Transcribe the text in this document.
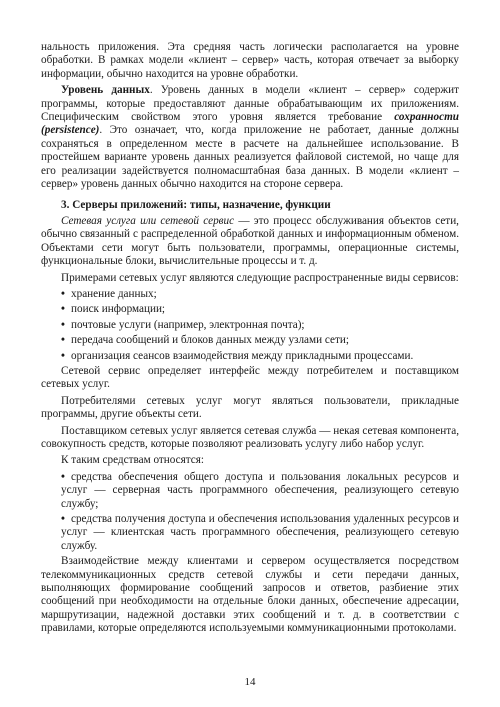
нальность приложения. Эта средняя часть логически располагается на уровне обработки. В рамках модели «клиент – сервер» часть, которая отвечает за выборку информации, обычно находится на уровне обработки.

Уровень данных. Уровень данных в модели «клиент – сервер» содержит программы, которые предоставляют данные обрабатывающим их приложениям. Специфическим свойством этого уровня является требование сохранности (persistence). Это означает, что, когда приложение не работает, данные должны сохраняться в определенном месте в расчете на дальнейшее использование. В простейшем варианте уровень данных реализуется файловой системой, но чаще для его реализации задействуется полномасштабная база данных. В модели «клиент – сервер» уровень данных обычно находится на стороне сервера.

3. Серверы приложений: типы, назначение, функции

Сетевая услуга или сетевой сервис — это процесс обслуживания объектов сети, обычно связанный с распределенной обработкой данных и информационным обменом. Объектами сети могут быть пользователи, программы, операционные системы, функциональные блоки, вычислительные процессы и т. д.

Примерами сетевых услуг являются следующие распространенные виды сервисов:

• хранение данных;

• поиск информации;

• почтовые услуги (например, электронная почта);

• передача сообщений и блоков данных между узлами сети;

• организация сеансов взаимодействия между прикладными процессами.

Сетевой сервис определяет интерфейс между потребителем и поставщиком сетевых услуг.

Потребителями сетевых услуг могут являться пользователи, прикладные программы, другие объекты сети.

Поставщиком сетевых услуг является сетевая служба — некая сетевая компонента, совокупность средств, которые позволяют реализовать услугу либо набор услуг.

К таким средствам относятся:

• средства обеспечения общего доступа и пользования локальных ресурсов и услуг — серверная часть программного обеспечения, реализующего сетевую службу;

• средства получения доступа и обеспечения использования удаленных ресурсов и услуг — клиентская часть программного обеспечения, реализующего сетевую службу.

Взаимодействие между клиентами и сервером осуществляется посредством телекоммуникационных средств сетевой службы и сети передачи данных, выполняющих формирование сообщений запросов и ответов, разбиение этих сообщений при необходимости на отдельные блоки данных, обеспечение адресации, маршрутизации, надежной доставки этих сообщений и т. д. в соответствии с правилами, которые определяются используемыми коммуникационными протоколами.

14
